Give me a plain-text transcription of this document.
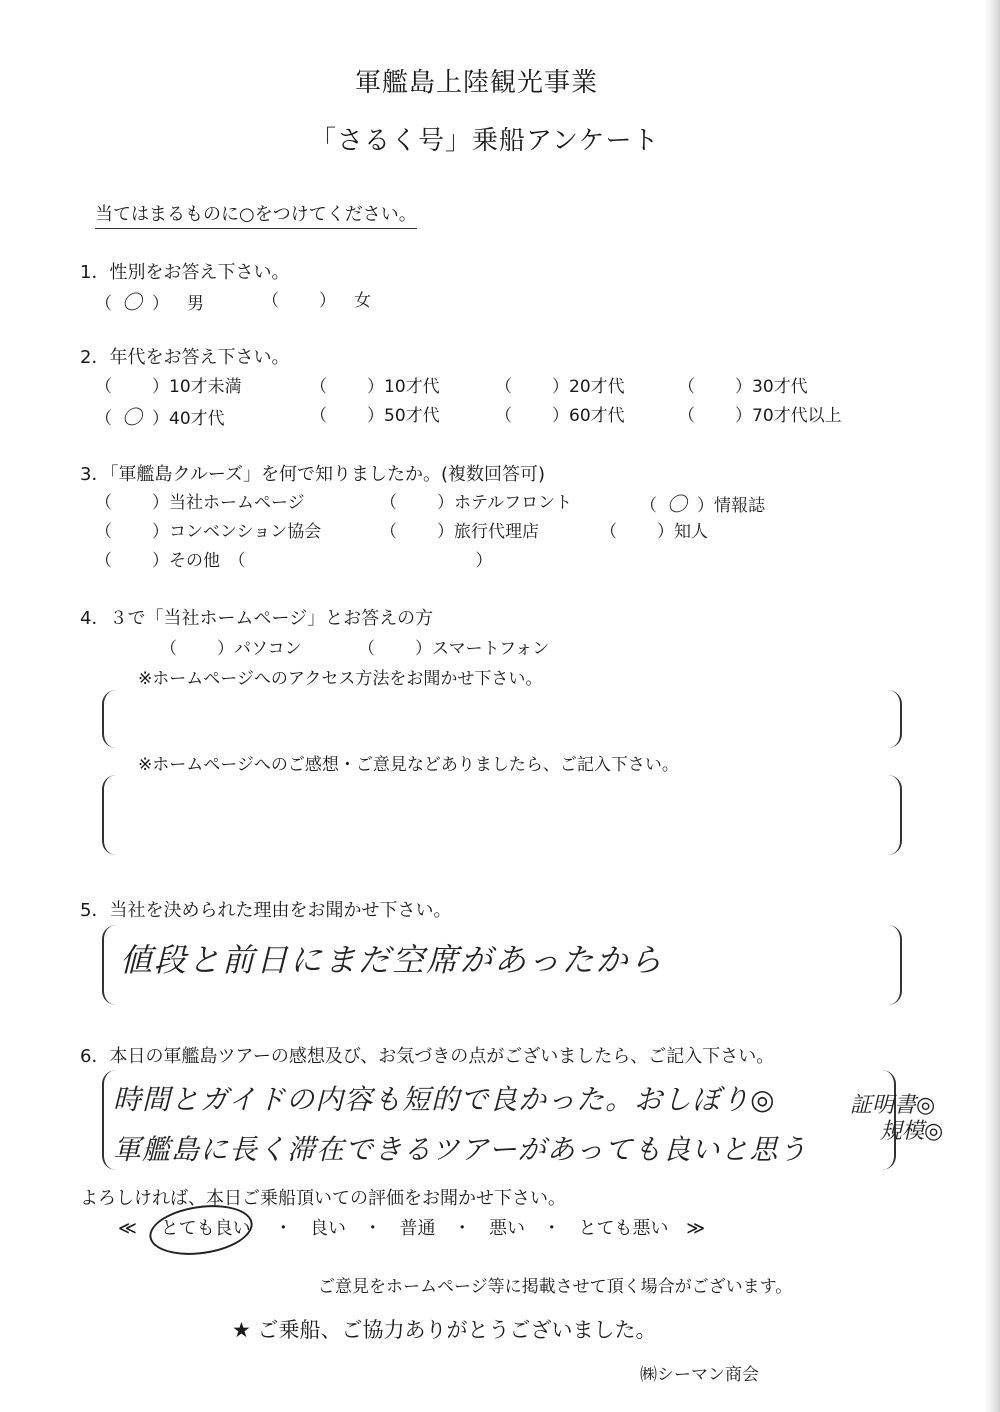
軍艦島上陸観光事業
「さるく号」乗船アンケート
当てはまるものに○をつけてください。
1．性別をお答え下さい。
（ 〇 ） 男	（ ） 女
2．年代をお答え下さい。
（ ）10才未満	（ ）10才代	（ ）20才代	（ ）30才代
（ 〇 ）40才代	（ ）50才代	（ ）60才代	（ ）70才代以上
3．「軍艦島クルーズ」を何で知りましたか。(複数回答可)
（ ）当社ホームページ	（ ）ホテルフロント	（ 〇 ）情報誌
（ ）コンベンション協会	（ ）旅行代理店	（ ）知人
（ ）その他　（	）
4．３で「当社ホームページ」とお答えの方
（ ）パソコン	（ ）スマートフォン
※ホームページへのアクセス方法をお聞かせ下さい。
※ホームページへのご感想・ご意見などありましたら、ご記入下さい。
5．当社を決められた理由をお聞かせ下さい。
値段と前日にまだ空席があったから
6．本日の軍艦島ツアーの感想及び、お気づきの点がございましたら、ご記入下さい。
時間とガイドの内容も短的で良かった。おしぼり◎
軍艦島に長く滞在できるツアーがあっても良いと思う
証明書◎
規模◎
よろしければ、本日ご乗船頂いての評価をお聞かせ下さい。
≪ とても良い ・ 良い ・ 普通 ・ 悪い ・ とても悪い ≫
ご意見をホームページ等に掲載させて頂く場合がございます。
★ ご乗船、ご協力ありがとうございました。
㈱シーマン商会
